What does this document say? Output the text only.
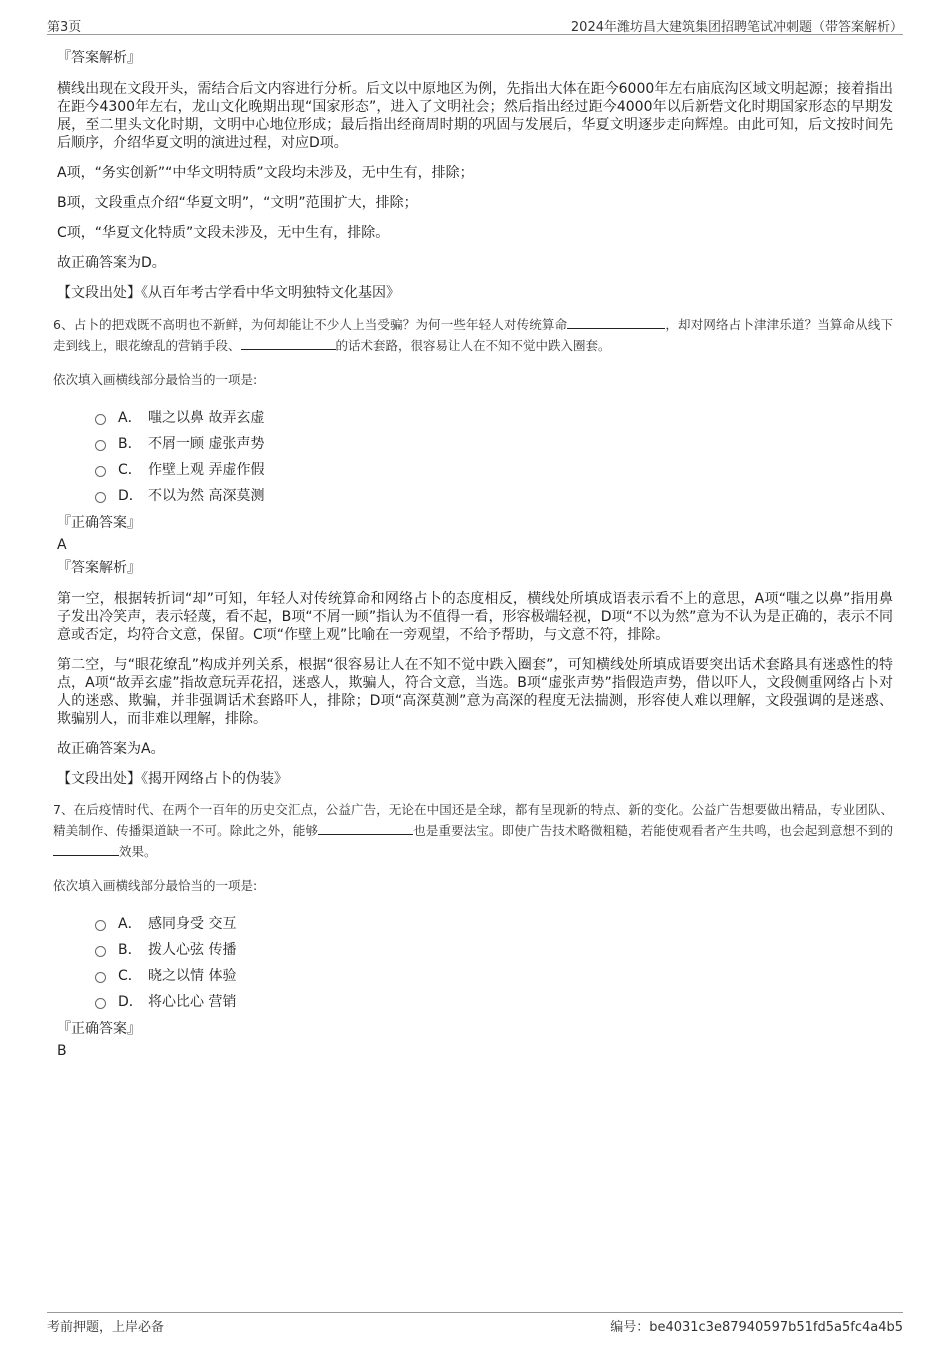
第3页	2024年潍坊昌大建筑集团招聘笔试冲刺题（带答案解析）
『答案解析』
横线出现在文段开头，需结合后文内容进行分析。后文以中原地区为例，先指出大体在距今6000年左右庙底沟区域文明起源；接着指出在距今4300年左右，龙山文化晚期出现“国家形态”，进入了文明社会；然后指出经过距今4000年以后新砦文化时期国家形态的早期发展，至二里头文化时期，文明中心地位形成；最后指出经商周时期的巩固与发展后，华夏文明逐步走向辉煌。由此可知，后文按时间先后顺序，介绍华夏文明的演进过程，对应D项。
A项，“务实创新”“中华文明特质”文段均未涉及，无中生有，排除；
B项，文段重点介绍“华夏文明”，“文明”范围扩大，排除；
C项，“华夏文化特质”文段未涉及，无中生有，排除。
故正确答案为D。
【文段出处】《从百年考古学看中华文明独特文化基因》
6、占卜的把戏既不高明也不新鲜，为何却能让不少人上当受骗？为何一些年轻人对传统算命	，却对网络占卜津津乐道？当算命从线下走到线上，眼花缭乱的营销手段、	的话术套路，很容易让人在不知不觉中跌入圈套。
依次填入画横线部分最恰当的一项是:
A． 嗤之以鼻 故弄玄虚
B． 不屑一顾 虚张声势
C． 作壁上观 弄虚作假
D． 不以为然 高深莫测
『正确答案』
A
『答案解析』
第一空，根据转折词“却”可知，年轻人对传统算命和网络占卜的态度相反，横线处所填成语表示看不上的意思，A项“嗤之以鼻”指用鼻子发出冷笑声，表示轻蔑，看不起，B项“不屑一顾”指认为不值得一看，形容极端轻视，D项“不以为然”意为不认为是正确的，表示不同意或否定，均符合文意，保留。C项“作壁上观”比喻在一旁观望，不给予帮助，与文意不符，排除。
第二空，与“眼花缭乱”构成并列关系，根据“很容易让人在不知不觉中跌入圈套”，可知横线处所填成语要突出话术套路具有迷惑性的特点，A项“故弄玄虚”指故意玩弄花招，迷惑人，欺骗人，符合文意，当选。B项“虚张声势”指假造声势，借以吓人，文段侧重网络占卜对人的迷惑、欺骗，并非强调话术套路吓人，排除；D项“高深莫测”意为高深的程度无法揣测，形容使人难以理解，文段强调的是迷惑、欺骗别人，而非难以理解，排除。
故正确答案为A。
【文段出处】《揭开网络占卜的伪装》
7、在后疫情时代、在两个一百年的历史交汇点，公益广告，无论在中国还是全球，都有呈现新的特点、新的变化。公益广告想要做出精品，专业团队、精美制作、传播渠道缺一不可。除此之外，能够	也是重要法宝。即使广告技术略微粗糙，若能使观看者产生共鸣，也会起到意想不到的效果。
依次填入画横线部分最恰当的一项是:
A． 感同身受 交互
B． 拨人心弦 传播
C． 晓之以情 体验
D． 将心比心 营销
『正确答案』
B
考前押题，上岸必备	编号：be4031c3e87940597b51fd5a5fc4a4b5
